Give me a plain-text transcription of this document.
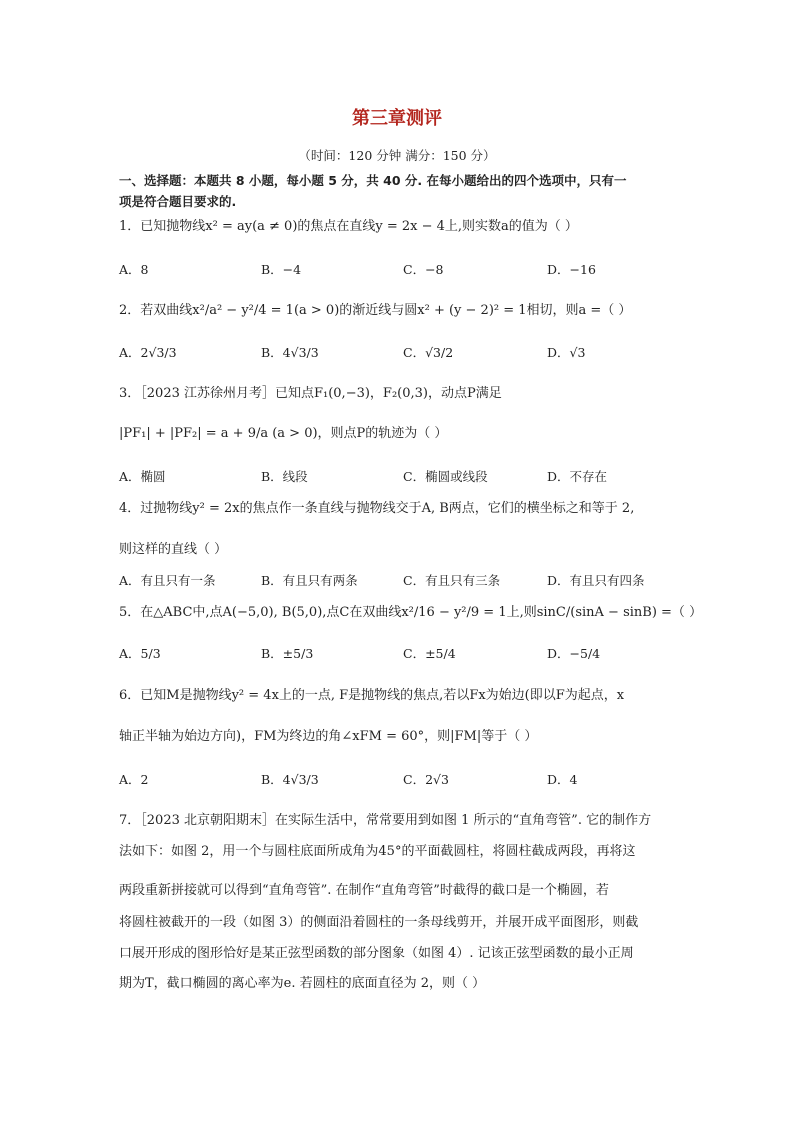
第三章测评
（时间：120 分钟 满分：150 分）
一、选择题：本题共 8 小题，每小题 5 分，共 40 分. 在每小题给出的四个选项中，只有一
项是符合题目要求的.
1．已知抛物线x² = ay(a ≠ 0)的焦点在直线y = 2x − 4上,则实数a的值为（ ）
A．8	B．−4	C．−8	D．−16
2．若双曲线x²/a² − y²/4 = 1(a > 0)的渐近线与圆x² + (y − 2)² = 1相切，则a =（ ）
A．2√3/3	B．4√3/3	C．√3/2	D．√3
3．［2023 江苏徐州月考］已知点F₁(0,−3)，F₂(0,3)，动点P满足
|PF₁| + |PF₂| = a + 9/a (a > 0)，则点P的轨迹为（ ）
A．椭圆	B．线段	C．椭圆或线段	D．不存在
4．过抛物线y² = 2x的焦点作一条直线与抛物线交于A, B两点，它们的横坐标之和等于 2,
则这样的直线（ ）
A．有且只有一条	B．有且只有两条	C．有且只有三条	D．有且只有四条
5．在△ABC中,点A(−5,0), B(5,0),点C在双曲线x²/16 − y²/9 = 1上,则sinC/(sinA − sinB) =（ ）
A．5/3	B．±5/3	C．±5/4	D．−5/4
6．已知M是抛物线y² = 4x上的一点, F是抛物线的焦点,若以Fx为始边(即以F为起点，x
轴正半轴为始边方向)，FM为终边的角∠xFM = 60°，则|FM|等于（ ）
A．2	B．4√3/3	C．2√3	D．4
7．［2023 北京朝阳期末］在实际生活中，常常要用到如图 1 所示的“直角弯管”. 它的制作方
法如下：如图 2，用一个与圆柱底面所成角为45°的平面截圆柱，将圆柱截成两段，再将这
两段重新拼接就可以得到“直角弯管”. 在制作“直角弯管”时截得的截口是一个椭圆，若
将圆柱被截开的一段（如图 3）的侧面沿着圆柱的一条母线剪开，并展开成平面图形，则截
口展开形成的图形恰好是某正弦型函数的部分图象（如图 4）. 记该正弦型函数的最小正周
期为T，截口椭圆的离心率为e. 若圆柱的底面直径为 2，则（ ）
